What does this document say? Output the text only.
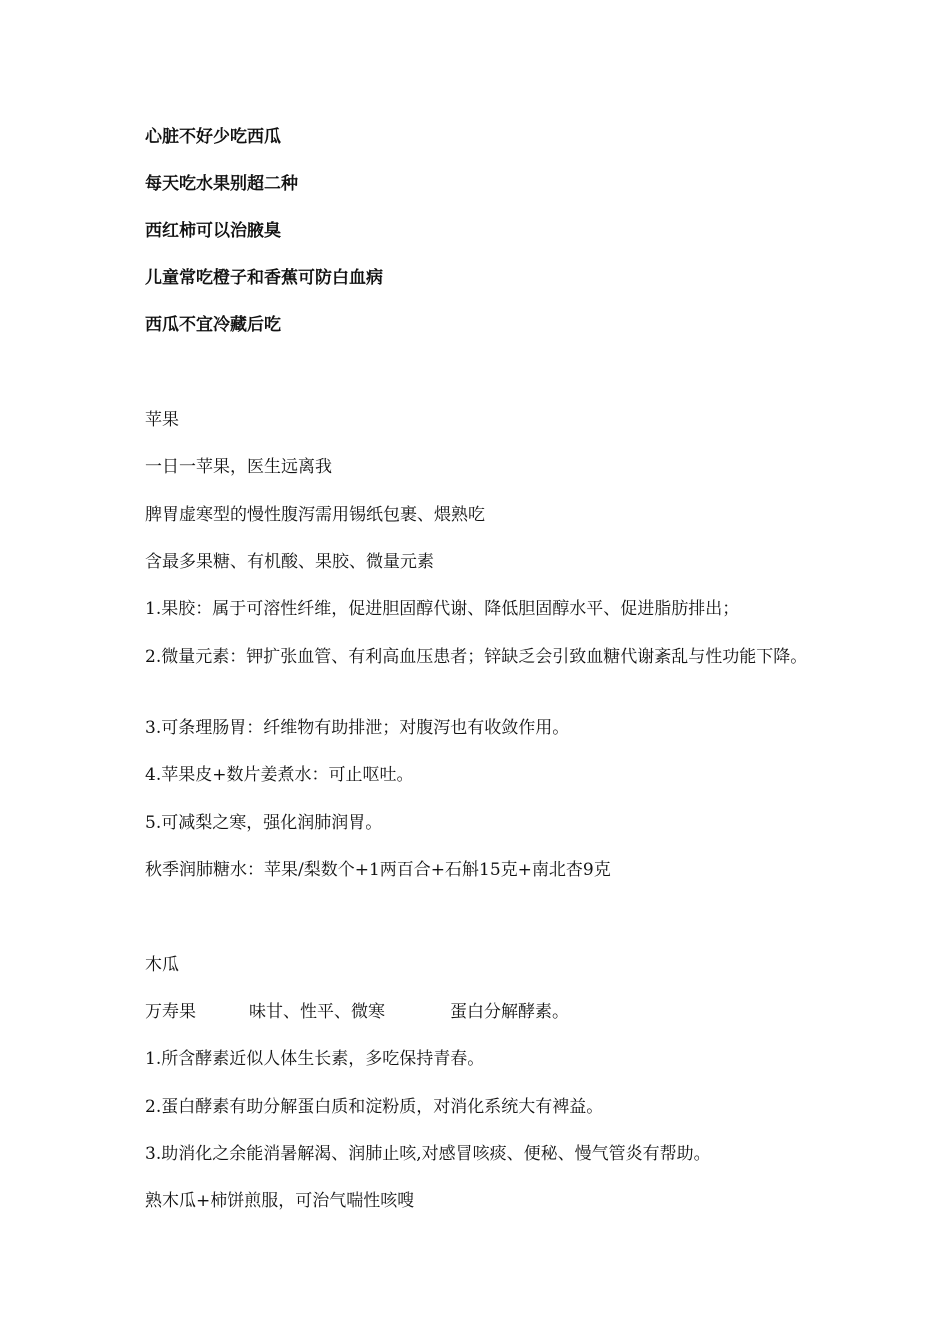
心脏不好少吃西瓜
每天吃水果别超二种
西红柿可以治腋臭
儿童常吃橙子和香蕉可防白血病
西瓜不宜冷藏后吃
苹果
一日一苹果，医生远离我
脾胃虚寒型的慢性腹泻需用锡纸包裹、煨熟吃
含最多果糖、有机酸、果胶、微量元素
1.果胶：属于可溶性纤维，促进胆固醇代谢、降低胆固醇水平、促进脂肪排出；
2.微量元素：钾扩张血管、有利高血压患者；锌缺乏会引致血糖代谢紊乱与性功能下降。
3.可条理肠胃：纤维物有助排泄；对腹泻也有收敛作用。
4.苹果皮+数片姜煮水：可止呕吐。
5.可减梨之寒，强化润肺润胃。
秋季润肺糖水：苹果/梨数个+1两百合+石斛15克+南北杏9克
木瓜
万寿果	味甘、性平、微寒	蛋白分解酵素。
1.所含酵素近似人体生长素，多吃保持青春。
2.蛋白酵素有助分解蛋白质和淀粉质，对消化系统大有裨益。
3.助消化之余能消暑解渴、润肺止咳,对感冒咳痰、便秘、慢气管炎有帮助。
熟木瓜+柿饼煎服，可治气喘性咳嗖
